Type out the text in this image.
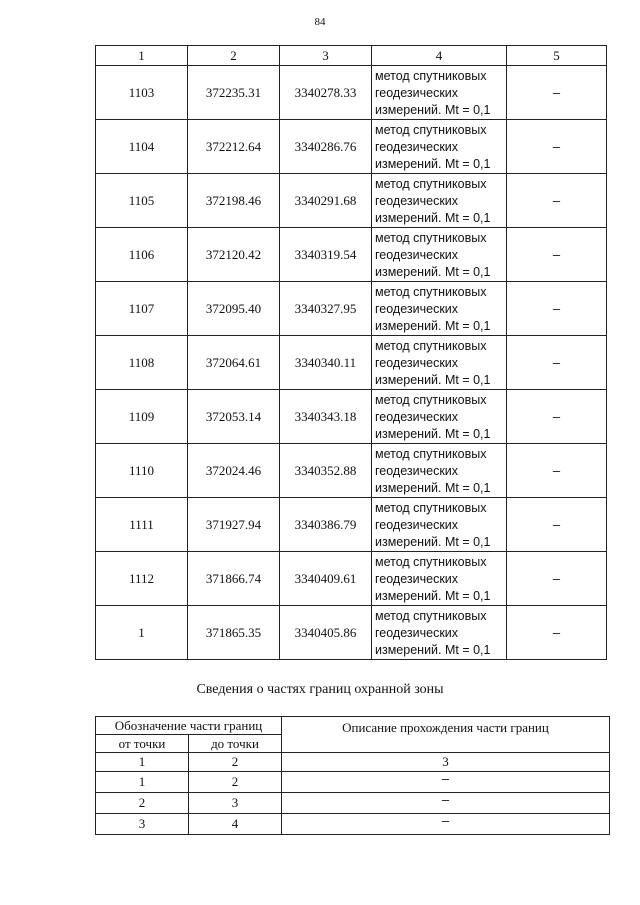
84
1	2	3	4	5
1103	372235.31	3340278.33	метод спутниковых
геодезических
измерений. Mt = 0,1	–
1104	372212.64	3340286.76	метод спутниковых
геодезических
измерений. Mt = 0,1	–
1105	372198.46	3340291.68	метод спутниковых
геодезических
измерений. Mt = 0,1	–
1106	372120.42	3340319.54	метод спутниковых
геодезических
измерений. Mt = 0,1	–
1107	372095.40	3340327.95	метод спутниковых
геодезических
измерений. Mt = 0,1	–
1108	372064.61	3340340.11	метод спутниковых
геодезических
измерений. Mt = 0,1	–
1109	372053.14	3340343.18	метод спутниковых
геодезических
измерений. Mt = 0,1	–
1110	372024.46	3340352.88	метод спутниковых
геодезических
измерений. Mt = 0,1	–
1111	371927.94	3340386.79	метод спутниковых
геодезических
измерений. Mt = 0,1	–
1112	371866.74	3340409.61	метод спутниковых
геодезических
измерений. Mt = 0,1	–
1	371865.35	3340405.86	метод спутниковых
геодезических
измерений. Mt = 0,1	–
Сведения о частях границ охранной зоны
Обозначение части границ		Описание прохождения части границ
от точки	до точки	
1	2	3
1	2	–
2	3	–
3	4	–
